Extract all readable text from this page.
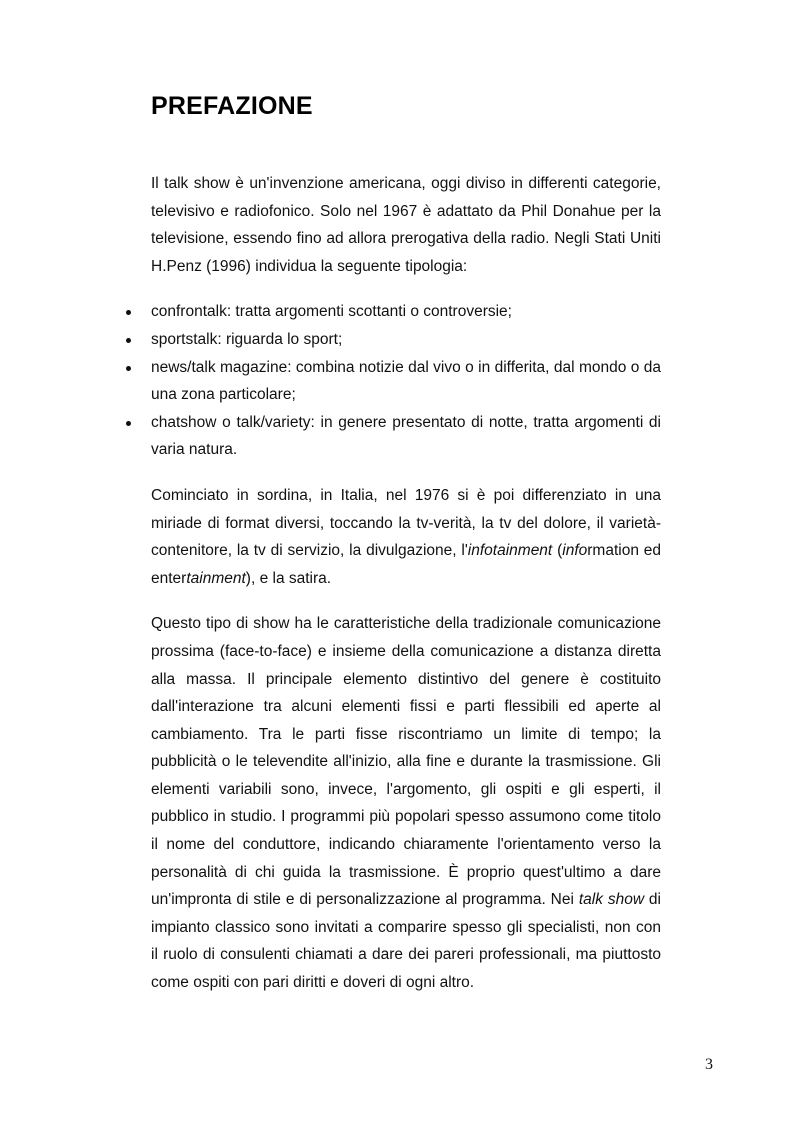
PREFAZIONE

Il talk show è un'invenzione americana, oggi diviso in differenti categorie, televisivo e radiofonico. Solo nel 1967 è adattato da Phil Donahue per la televisione, essendo fino ad allora prerogativa della radio. Negli Stati Uniti H.Penz (1996) individua la seguente tipologia:

confrontalk: tratta argomenti scottanti o controversie;
sportstalk: riguarda lo sport;
news/talk magazine: combina notizie dal vivo o in differita, dal mondo o da una zona particolare;
chatshow o talk/variety: in genere presentato di notte, tratta argomenti di varia natura.

Cominciato in sordina, in Italia, nel 1976 si è poi differenziato in una miriade di format diversi, toccando la tv-verità, la tv del dolore, il varietà-contenitore, la tv di servizio, la divulgazione, l'infotainment (information ed entertainment), e la satira.

Questo tipo di show ha le caratteristiche della tradizionale comunicazione prossima (face-to-face) e insieme della comunicazione a distanza diretta alla massa. Il principale elemento distintivo del genere è costituito dall'interazione tra alcuni elementi fissi e parti flessibili ed aperte al cambiamento. Tra le parti fisse riscontriamo un limite di tempo; la pubblicità o le televendite all'inizio, alla fine e durante la trasmissione. Gli elementi variabili sono, invece, l'argomento, gli ospiti e gli esperti, il pubblico in studio. I programmi più popolari spesso assumono come titolo il nome del conduttore, indicando chiaramente l'orientamento verso la personalità di chi guida la trasmissione. È proprio quest'ultimo a dare un'impronta di stile e di personalizzazione al programma. Nei talk show di impianto classico sono invitati a comparire spesso gli specialisti, non con il ruolo di consulenti chiamati a dare dei pareri professionali, ma piuttosto come ospiti con pari diritti e doveri di ogni altro.

3
